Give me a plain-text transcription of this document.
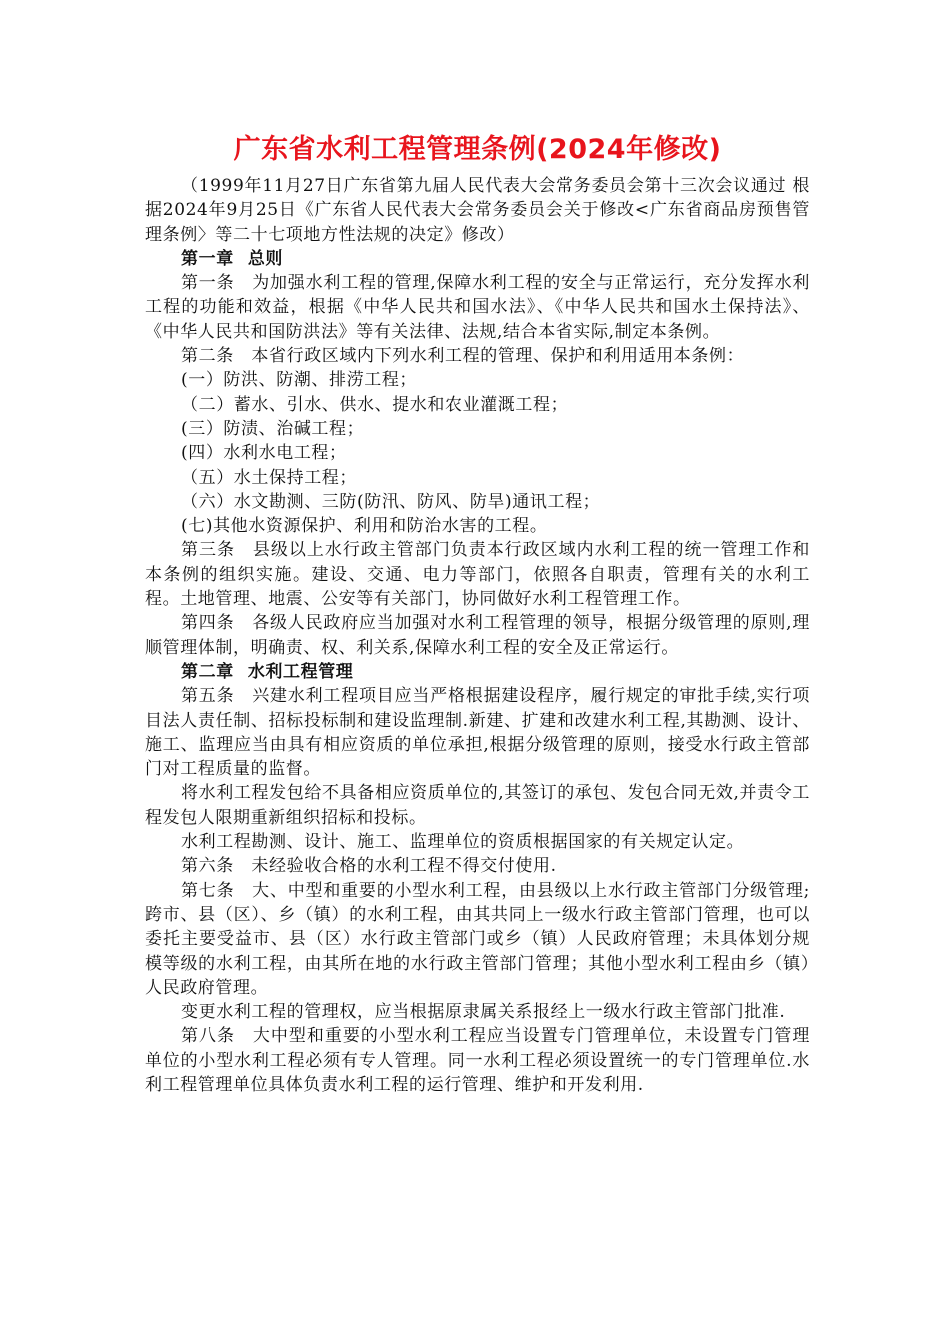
广东省水利工程管理条例(2024年修改)

（1999年11月27日广东省第九届人民代表大会常务委员会第十三次会议通过 根据2024年9月25日《广东省人民代表大会常务委员会关于修改<广东省商品房预售管理条例〉等二十七项地方性法规的决定》修改）

第一章 总则

第一条　为加强水利工程的管理,保障水利工程的安全与正常运行，充分发挥水利工程的功能和效益，根据《中华人民共和国水法》、《中华人民共和国水土保持法》、《中华人民共和国防洪法》等有关法律、法规,结合本省实际,制定本条例。

第二条　本省行政区域内下列水利工程的管理、保护和利用适用本条例：

(一）防洪、防潮、排涝工程；

（二）蓄水、引水、供水、提水和农业灌溉工程；

(三）防渍、治碱工程；

(四）水利水电工程；

（五）水土保持工程；

（六）水文勘测、三防(防汛、防风、防旱)通讯工程；

(七)其他水资源保护、利用和防治水害的工程。

第三条　县级以上水行政主管部门负责本行政区域内水利工程的统一管理工作和本条例的组织实施。建设、交通、电力等部门，依照各自职责，管理有关的水利工程。土地管理、地震、公安等有关部门，协同做好水利工程管理工作。

第四条　各级人民政府应当加强对水利工程管理的领导，根据分级管理的原则,理顺管理体制，明确责、权、利关系,保障水利工程的安全及正常运行。

第二章 水利工程管理

第五条　兴建水利工程项目应当严格根据建设程序，履行规定的审批手续,实行项目法人责任制、招标投标制和建设监理制.新建、扩建和改建水利工程,其勘测、设计、施工、监理应当由具有相应资质的单位承担,根据分级管理的原则，接受水行政主管部门对工程质量的监督。

将水利工程发包给不具备相应资质单位的,其签订的承包、发包合同无效,并责令工程发包人限期重新组织招标和投标。

水利工程勘测、设计、施工、监理单位的资质根据国家的有关规定认定。

第六条　未经验收合格的水利工程不得交付使用.

第七条　大、中型和重要的小型水利工程，由县级以上水行政主管部门分级管理;跨市、县（区）、乡（镇）的水利工程，由其共同上一级水行政主管部门管理，也可以委托主要受益市、县（区）水行政主管部门或乡（镇）人民政府管理；未具体划分规模等级的水利工程，由其所在地的水行政主管部门管理；其他小型水利工程由乡（镇）人民政府管理。

变更水利工程的管理权，应当根据原隶属关系报经上一级水行政主管部门批准.

第八条　大中型和重要的小型水利工程应当设置专门管理单位，未设置专门管理单位的小型水利工程必须有专人管理。同一水利工程必须设置统一的专门管理单位.水利工程管理单位具体负责水利工程的运行管理、维护和开发利用.
